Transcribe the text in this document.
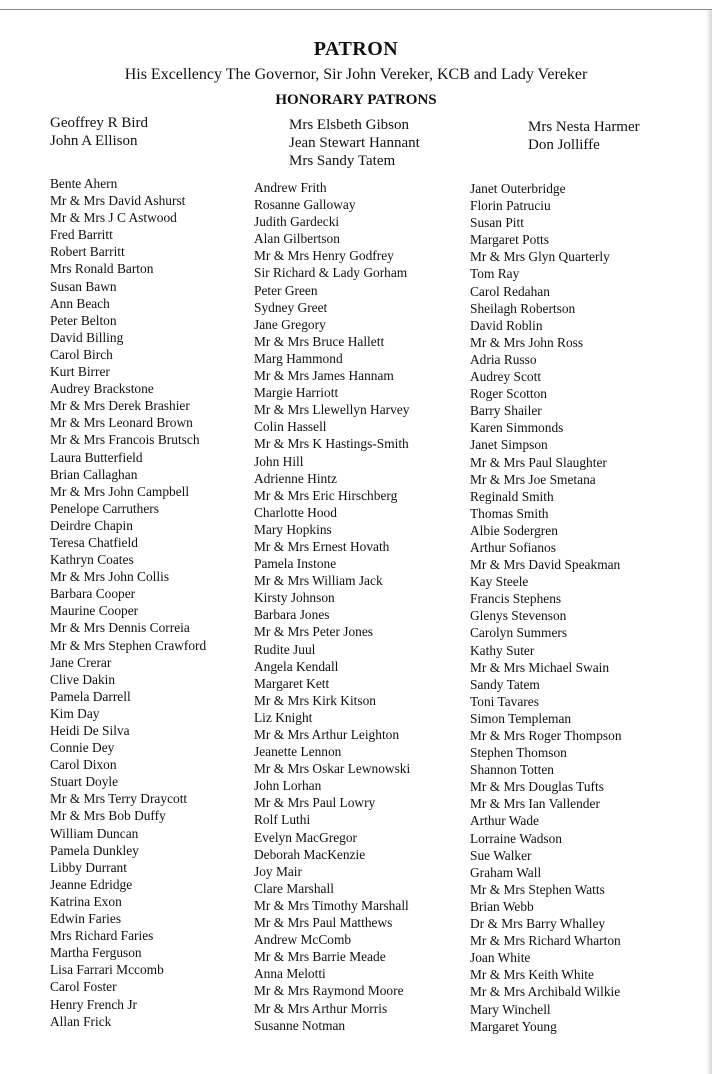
PATRON
His Excellency The Governor, Sir John Vereker, KCB and Lady Vereker
HONORARY PATRONS
Geoffrey R Bird
John A Ellison
Mrs Elsbeth Gibson
Jean Stewart Hannant
Mrs Sandy Tatem
Mrs Nesta Harmer
Don Jolliffe
Bente Ahern
Mr & Mrs David Ashurst
Mr & Mrs J C Astwood
Fred Barritt
Robert Barritt
Mrs Ronald Barton
Susan Bawn
Ann Beach
Peter Belton
David Billing
Carol Birch
Kurt Birrer
Audrey Brackstone
Mr & Mrs Derek Brashier
Mr & Mrs Leonard Brown
Mr & Mrs Francois Brutsch
Laura Butterfield
Brian Callaghan
Mr & Mrs John Campbell
Penelope Carruthers
Deirdre Chapin
Teresa Chatfield
Kathryn Coates
Mr & Mrs John Collis
Barbara Cooper
Maurine Cooper
Mr & Mrs Dennis Correia
Mr & Mrs Stephen Crawford
Jane Crerar
Clive Dakin
Pamela Darrell
Kim Day
Heidi De Silva
Connie Dey
Carol Dixon
Stuart Doyle
Mr & Mrs Terry Draycott
Mr & Mrs Bob Duffy
William Duncan
Pamela Dunkley
Libby Durrant
Jeanne Edridge
Katrina Exon
Edwin Faries
Mrs Richard Faries
Martha Ferguson
Lisa Farrari Mccomb
Carol Foster
Henry French Jr
Allan Frick
Andrew Frith
Rosanne Galloway
Judith Gardecki
Alan Gilbertson
Mr & Mrs Henry Godfrey
Sir Richard & Lady Gorham
Peter Green
Sydney Greet
Jane Gregory
Mr & Mrs Bruce Hallett
Marg Hammond
Mr & Mrs James Hannam
Margie Harriott
Mr & Mrs Llewellyn Harvey
Colin Hassell
Mr & Mrs K Hastings-Smith
John Hill
Adrienne Hintz
Mr & Mrs Eric Hirschberg
Charlotte Hood
Mary Hopkins
Mr & Mrs Ernest Hovath
Pamela Instone
Mr & Mrs William Jack
Kirsty Johnson
Barbara Jones
Mr & Mrs Peter Jones
Rudite Juul
Angela Kendall
Margaret Kett
Mr & Mrs Kirk Kitson
Liz Knight
Mr & Mrs Arthur Leighton
Jeanette Lennon
Mr & Mrs Oskar Lewnowski
John Lorhan
Mr & Mrs Paul Lowry
Rolf Luthi
Evelyn MacGregor
Deborah MacKenzie
Joy Mair
Clare Marshall
Mr & Mrs Timothy Marshall
Mr & Mrs Paul Matthews
Andrew McComb
Mr & Mrs Barrie Meade
Anna Melotti
Mr & Mrs Raymond Moore
Mr & Mrs Arthur Morris
Susanne Notman
Janet Outerbridge
Florin Patruciu
Susan Pitt
Margaret Potts
Mr & Mrs Glyn Quarterly
Tom Ray
Carol Redahan
Sheilagh Robertson
David Roblin
Mr & Mrs John Ross
Adria Russo
Audrey Scott
Roger Scotton
Barry Shailer
Karen Simmonds
Janet Simpson
Mr & Mrs Paul Slaughter
Mr & Mrs Joe Smetana
Reginald Smith
Thomas Smith
Albie Sodergren
Arthur Sofianos
Mr & Mrs David Speakman
Kay Steele
Francis Stephens
Glenys Stevenson
Carolyn Summers
Kathy Suter
Mr & Mrs Michael Swain
Sandy Tatem
Toni Tavares
Simon Templeman
Mr & Mrs Roger Thompson
Stephen Thomson
Shannon Totten
Mr & Mrs Douglas Tufts
Mr & Mrs Ian Vallender
Arthur Wade
Lorraine Wadson
Sue Walker
Graham Wall
Mr & Mrs Stephen Watts
Brian Webb
Dr & Mrs Barry Whalley
Mr & Mrs Richard Wharton
Joan White
Mr & Mrs Keith White
Mr & Mrs Archibald Wilkie
Mary Winchell
Margaret Young
